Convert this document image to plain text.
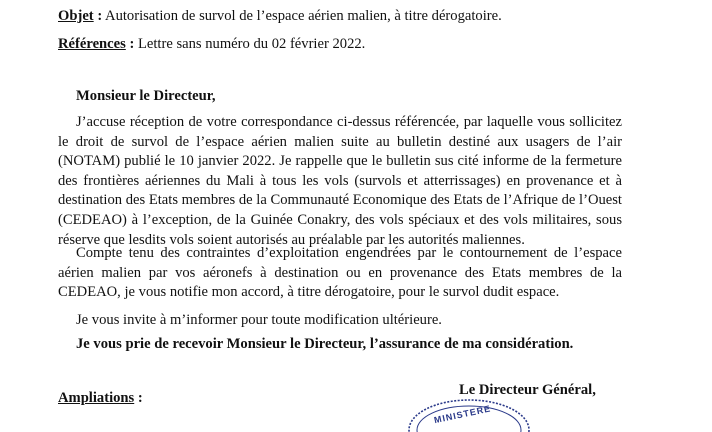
Objet : Autorisation de survol de l’espace aérien malien, à titre dérogatoire.
Références : Lettre sans numéro du 02 février 2022.
Monsieur le Directeur,
J’accuse réception de votre correspondance ci-dessus référencée, par laquelle vous sollicitez
le droit de survol de l’espace aérien malien suite au bulletin destiné aux usagers de l’air
(NOTAM) publié le 10 janvier 2022. Je rappelle que le bulletin sus cité informe de la fermeture
des frontières aériennes du Mali à tous les vols (survols et atterrissages) en provenance et à
destination des Etats membres de la Communauté Economique des Etats de l’Afrique de l’Ouest
(CEDEAO) à l’exception, de la Guinée Conakry, des vols spéciaux et des vols militaires, sous
réserve que lesdits vols soient autorisés au préalable par les autorités maliennes.
Compte tenu des contraintes d’exploitation engendrées par le contournement de l’espace
aérien malien par vos aéronefs à destination ou en provenance des Etats membres de la
CEDEAO, je vous notifie mon accord, à titre dérogatoire, pour le survol dudit espace.
Je vous invite à m’informer pour toute modification ultérieure.
Je vous prie de recevoir Monsieur le Directeur, l’assurance de ma considération.
Ampliations :
MINISTERE
Le Directeur Général,
